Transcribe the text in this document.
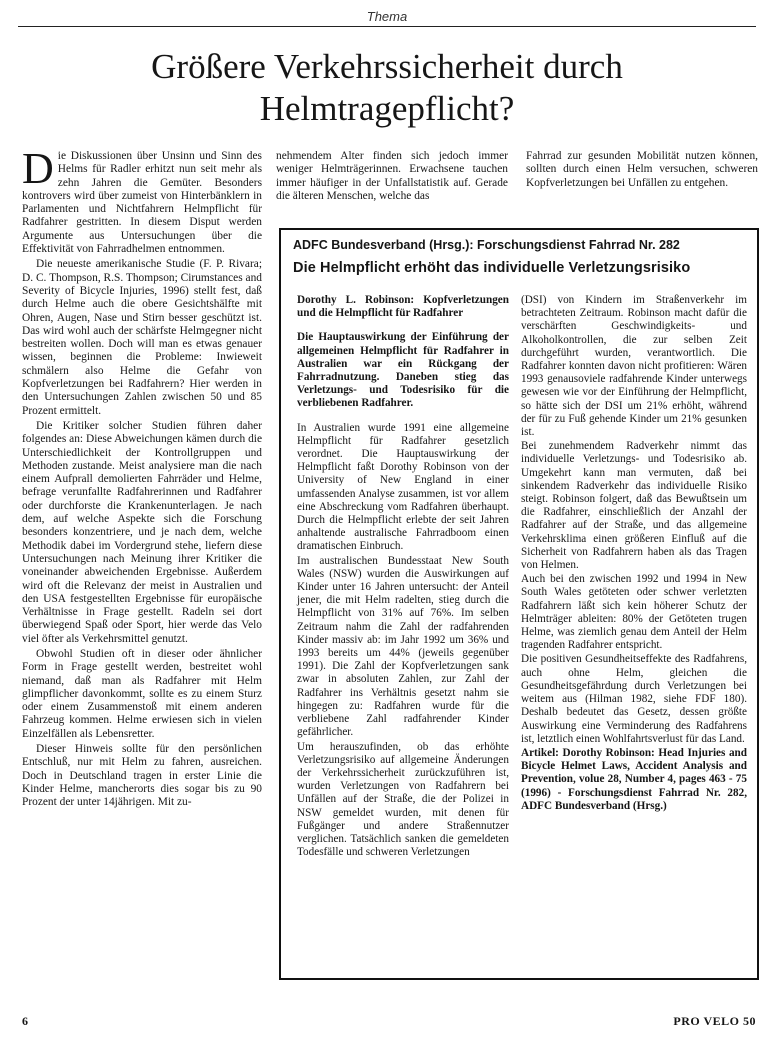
Thema
Größere Verkehrssicherheit durch Helmtragepflicht?

Die Diskussionen über Unsinn und Sinn des Helms für Radler erhitzt nun seit mehr als zehn Jahren die Gemüter. Besonders kontrovers wird über zumeist von Hinterbänklern in Parlamenten und Nichtfahrern Helmpflicht für Radfahrer gestritten. In diesem Disput werden Argumente aus Untersuchungen über die Effektivität von Fahrradhelmen entnommen.

Die neueste amerikanische Studie (F. P. Rivara; D. C. Thompson, R.S. Thompson; Cirumstances and Severity of Bicycle Injuries, 1996) stellt fest, daß durch Helme auch die obere Gesichtshälfte mit Ohren, Augen, Nase und Stirn besser geschützt ist. Das wird wohl auch der schärfste Helmgegner nicht bestreiten wollen. Doch will man es etwas genauer wissen, beginnen die Probleme: Inwieweit schmälern also Helme die Gefahr von Kopfverletzungen bei Radfahrern? Hier werden in den Untersuchungen Zahlen zwischen 50 und 85 Prozent ermittelt.

Die Kritiker solcher Studien führen daher folgendes an: Diese Abweichungen kämen durch die Unterschiedlichkeit der Kontrollgruppen und Methoden zustande. Meist analysiere man die nach einem Aufprall demolierten Fahrräder und Helme, befrage verunfallte Radfahrerinnen und Radfahrer oder durchforste die Krankenunterlagen. Je nach dem, auf welche Aspekte sich die Forschung besonders konzentriere, und je nach dem, welche Methodik dabei im Vordergrund stehe, liefern diese Untersuchungen nach Meinung ihrer Kritiker die voneinander abweichenden Ergebnisse. Außerdem wird oft die Relevanz der meist in Australien und den USA festgestellten Ergebnisse für europäische Verhältnisse in Frage gestellt. Radeln sei dort überwiegend Spaß oder Sport, hier werde das Velo viel öfter als Verkehrsmittel genutzt.

Obwohl Studien oft in dieser oder ähnlicher Form in Frage gestellt werden, bestreitet wohl niemand, daß man als Radfahrer mit Helm glimpflicher davonkommt, sollte es zu einem Sturz oder einem Zusammenstoß mit einem anderen Fahrzeug kommen. Helme erwiesen sich in vielen Einzelfällen als Lebensretter.

Dieser Hinweis sollte für den persönlichen Entschluß, nur mit Helm zu fahren, ausreichen. Doch in Deutschland tragen in erster Linie die Kinder Helme, mancherorts dies sogar bis zu 90 Prozent der unter 14jährigen. Mit zu-

nehmendem Alter finden sich jedoch immer weniger Helmträgerinnen. Erwachsene tauchen immer häufiger in der Unfallstatistik auf. Gerade die älteren Menschen, welche das

Fahrrad zur gesunden Mobilität nutzen können, sollten durch einen Helm versuchen, schweren Kopfverletzungen bei Unfällen zu entgehen.

ADFC Bundesverband (Hrsg.): Forschungsdienst Fahrrad Nr. 282
Die Helmpflicht erhöht das individuelle Verletzungsrisiko

Dorothy L. Robinson: Kopfverletzungen und die Helmpflicht für Radfahrer

Die Hauptauswirkung der Einführung der allgemeinen Helmpflicht für Radfahrer in Australien war ein Rückgang der Fahrradnutzung. Daneben stieg das Verletzungs- und Todesrisiko für die verbliebenen Radfahrer.

In Australien wurde 1991 eine allgemeine Helmpflicht für Radfahrer gesetzlich verordnet. Die Hauptauswirkung der Helmpflicht faßt Dorothy Robinson von der University of New England in einer umfassenden Analyse zusammen, ist vor allem eine Abschreckung vom Radfahren überhaupt. Durch die Helmpflicht erlebte der seit Jahren anhaltende australische Fahrradboom einen dramatischen Einbruch.

Im australischen Bundesstaat New South Wales (NSW) wurden die Auswirkungen auf Kinder unter 16 Jahren untersucht: der Anteil jener, die mit Helm radelten, stieg durch die Helmpflicht von 31% auf 76%. Im selben Zeitraum nahm die Zahl der radfahrenden Kinder massiv ab: im Jahr 1992 um 36% und 1993 bereits um 44% (jeweils gegenüber 1991). Die Zahl der Kopfverletzungen sank zwar in absoluten Zahlen, zur Zahl der Radfahrer ins Verhältnis gesetzt nahm sie hingegen zu: Radfahren wurde für die verbliebene Zahl radfahrender Kinder gefährlicher.

Um herauszufinden, ob das erhöhte Verletzungsrisiko auf allgemeine Änderungen der Verkehrssicherheit zurückzuführen ist, wurden Verletzungen von Radfahrern bei Unfällen auf der Straße, die der Polizei in NSW gemeldet wurden, mit denen für Fußgänger und andere Straßennutzer verglichen. Tatsächlich sanken die gemeldeten Todesfälle und schweren Verletzungen

(DSI) von Kindern im Straßenverkehr im betrachteten Zeitraum. Robinson macht dafür die verschärften Geschwindigkeits- und Alkoholkontrollen, die zur selben Zeit durchgeführt wurden, verantwortlich. Die Radfahrer konnten davon nicht profitieren: Wären 1993 genausoviele radfahrende Kinder unterwegs gewesen wie vor der Einführung der Helmpflicht, so hätte sich der DSI um 21% erhöht, während der für zu Fuß gehende Kinder um 21% gesunken ist.

Bei zunehmendem Radverkehr nimmt das individuelle Verletzungs- und Todesrisiko ab. Umgekehrt kann man vermuten, daß bei sinkendem Radverkehr das individuelle Risiko steigt. Robinson folgert, daß das Bewußtsein um die Radfahrer, einschließlich der Anzahl der Radfahrer auf der Straße, und das allgemeine Verkehrsklima einen größeren Einfluß auf die Sicherheit von Radfahrern haben als das Tragen von Helmen.

Auch bei den zwischen 1992 und 1994 in New South Wales getöteten oder schwer verletzten Radfahrern läßt sich kein höherer Schutz der Helmträger ableiten: 80% der Getöteten trugen Helme, was ziemlich genau dem Anteil der Helm tragenden Radfahrer entspricht.

Die positiven Gesundheitseffekte des Radfahrens, auch ohne Helm, gleichen die Gesundheitsgefährdung durch Verletzungen bei weitem aus (Hilman 1982, siehe FDF 180). Deshalb bedeutet das Gesetz, dessen größte Auswirkung eine Verminderung des Radfahrens ist, letztlich einen Wohlfahrtsverlust für das Land.

Artikel: Dorothy Robinson: Head Injuries and Bicycle Helmet Laws, Accident Analysis and Prevention, volue 28, Number 4, pages 463 - 75 (1996) - Forschungsdienst Fahrrad Nr. 282, ADFC Bundesverband (Hrsg.)

6	PRO VELO 50
